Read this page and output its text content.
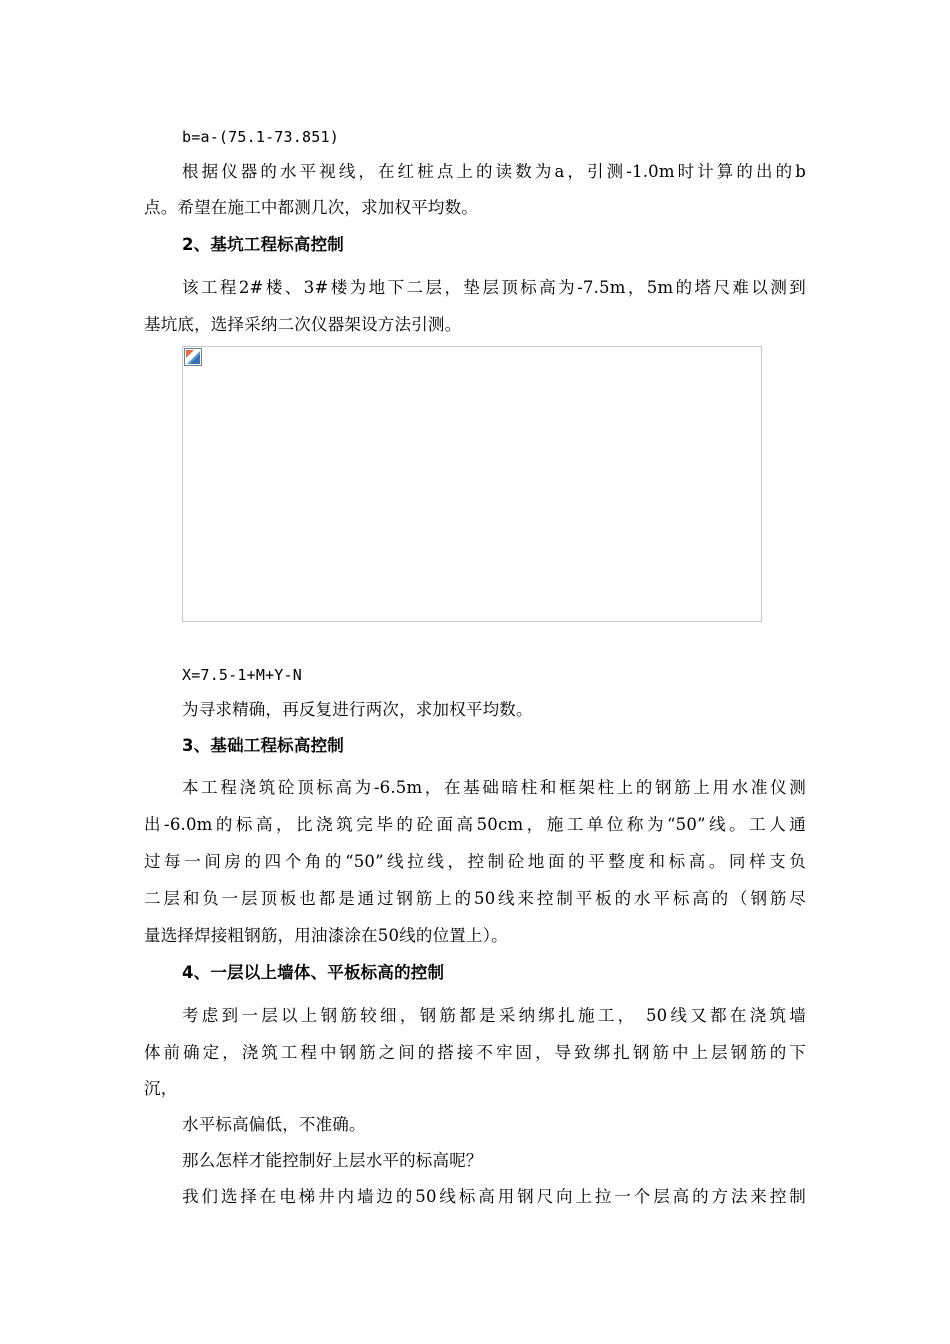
b=a-(75.1-73.851)
根据仪器的水平视线，在红桩点上的读数为a，引测-1.0m时计算的出的b
点。希望在施工中都测几次，求加权平均数。
2、基坑工程标高控制
该工程2#楼、3#楼为地下二层，垫层顶标高为-7.5m，5m的塔尺难以测到
基坑底，选择采纳二次仪器架设方法引测。
X=7.5-1+M+Y-N
为寻求精确，再反复进行两次，求加权平均数。
3、基础工程标高控制
本工程浇筑砼顶标高为-6.5m，在基础暗柱和框架柱上的钢筋上用水准仪测
出-6.0m的标高，比浇筑完毕的砼面高50cm，施工单位称为“50”线。工人通
过每一间房的四个角的“50”线拉线，控制砼地面的平整度和标高。同样支负
二层和负一层顶板也都是通过钢筋上的50线来控制平板的水平标高的（钢筋尽
量选择焊接粗钢筋，用油漆涂在50线的位置上）。
4、一层以上墙体、平板标高的控制
考虑到一层以上钢筋较细，钢筋都是采纳绑扎施工， 50线又都在浇筑墙
体前确定，浇筑工程中钢筋之间的搭接不牢固，导致绑扎钢筋中上层钢筋的下
沉，
水平标高偏低，不准确。
那么怎样才能控制好上层水平的标高呢？
我们选择在电梯井内墙边的50线标高用钢尺向上拉一个层高的方法来控制
